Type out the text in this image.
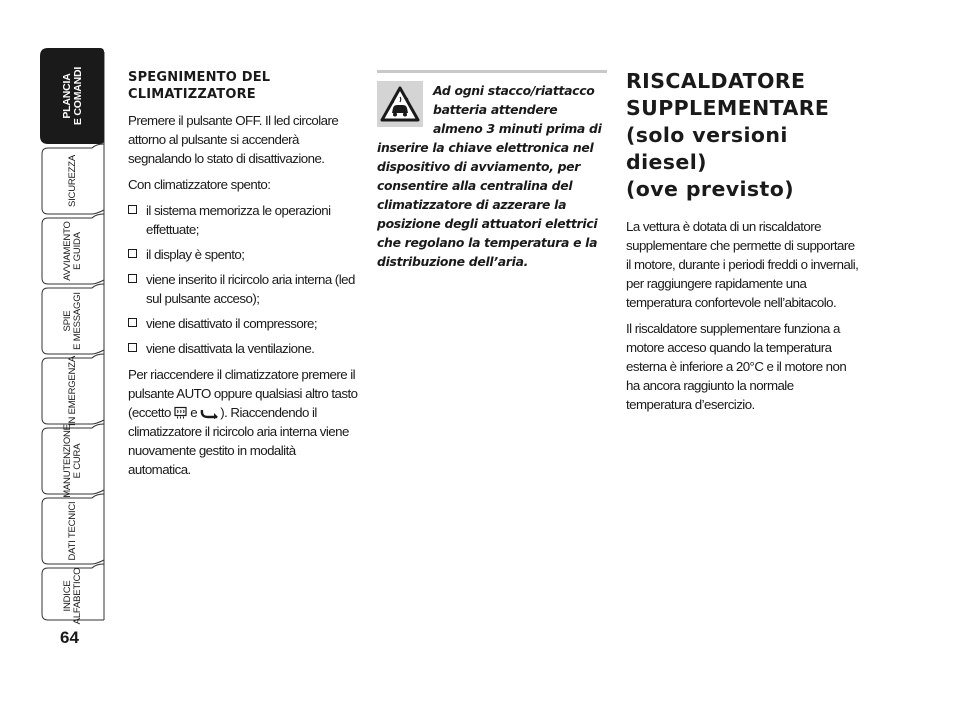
PLANCIA E COMANDI
SICUREZZA
AVVIAMENTO E GUIDA
SPIE E MESSAGGI
IN EMERGENZA
MANUTENZIONE E CURA
DATI TECNICI
INDICE ALFABETICO
64
SPEGNIMENTO DEL
CLIMATIZZATORE

Premere il pulsante OFF. Il led circolare attorno al pulsante si accenderà segnalando lo stato di disattivazione.

Con climatizzatore spento:

il sistema memorizza le operazioni effettuate;
il display è spento;
viene inserito il ricircolo aria interna (led sul pulsante acceso);
viene disattivato il compressore;
viene disattivata la ventilazione.

Per riaccendere il climatizzatore premere il pulsante AUTO oppure qualsiasi altro tasto (eccetto e ). Riaccendendo il climatizzatore il ricircolo aria interna viene nuovamente gestito in modalità automatica.

Ad ogni stacco/riattacco batteria attendere almeno 3 minuti prima di inserire la chiave elettronica nel dispositivo di avviamento, per consentire alla centralina del climatizzatore di azzerare la posizione degli attuatori elettrici che regolano la temperatura e la distribuzione dell’aria.
RISCALDATORE
SUPPLEMENTARE
(solo versioni
diesel)
(ove previsto)

La vettura è dotata di un riscaldatore supplementare che permette di supportare il motore, durante i periodi freddi o invernali, per raggiungere rapidamente una temperatura confortevole nell’abitacolo.

Il riscaldatore supplementare funziona a motore acceso quando la temperatura esterna è inferiore a 20°C e il motore non ha ancora raggiunto la normale temperatura d’esercizio.
